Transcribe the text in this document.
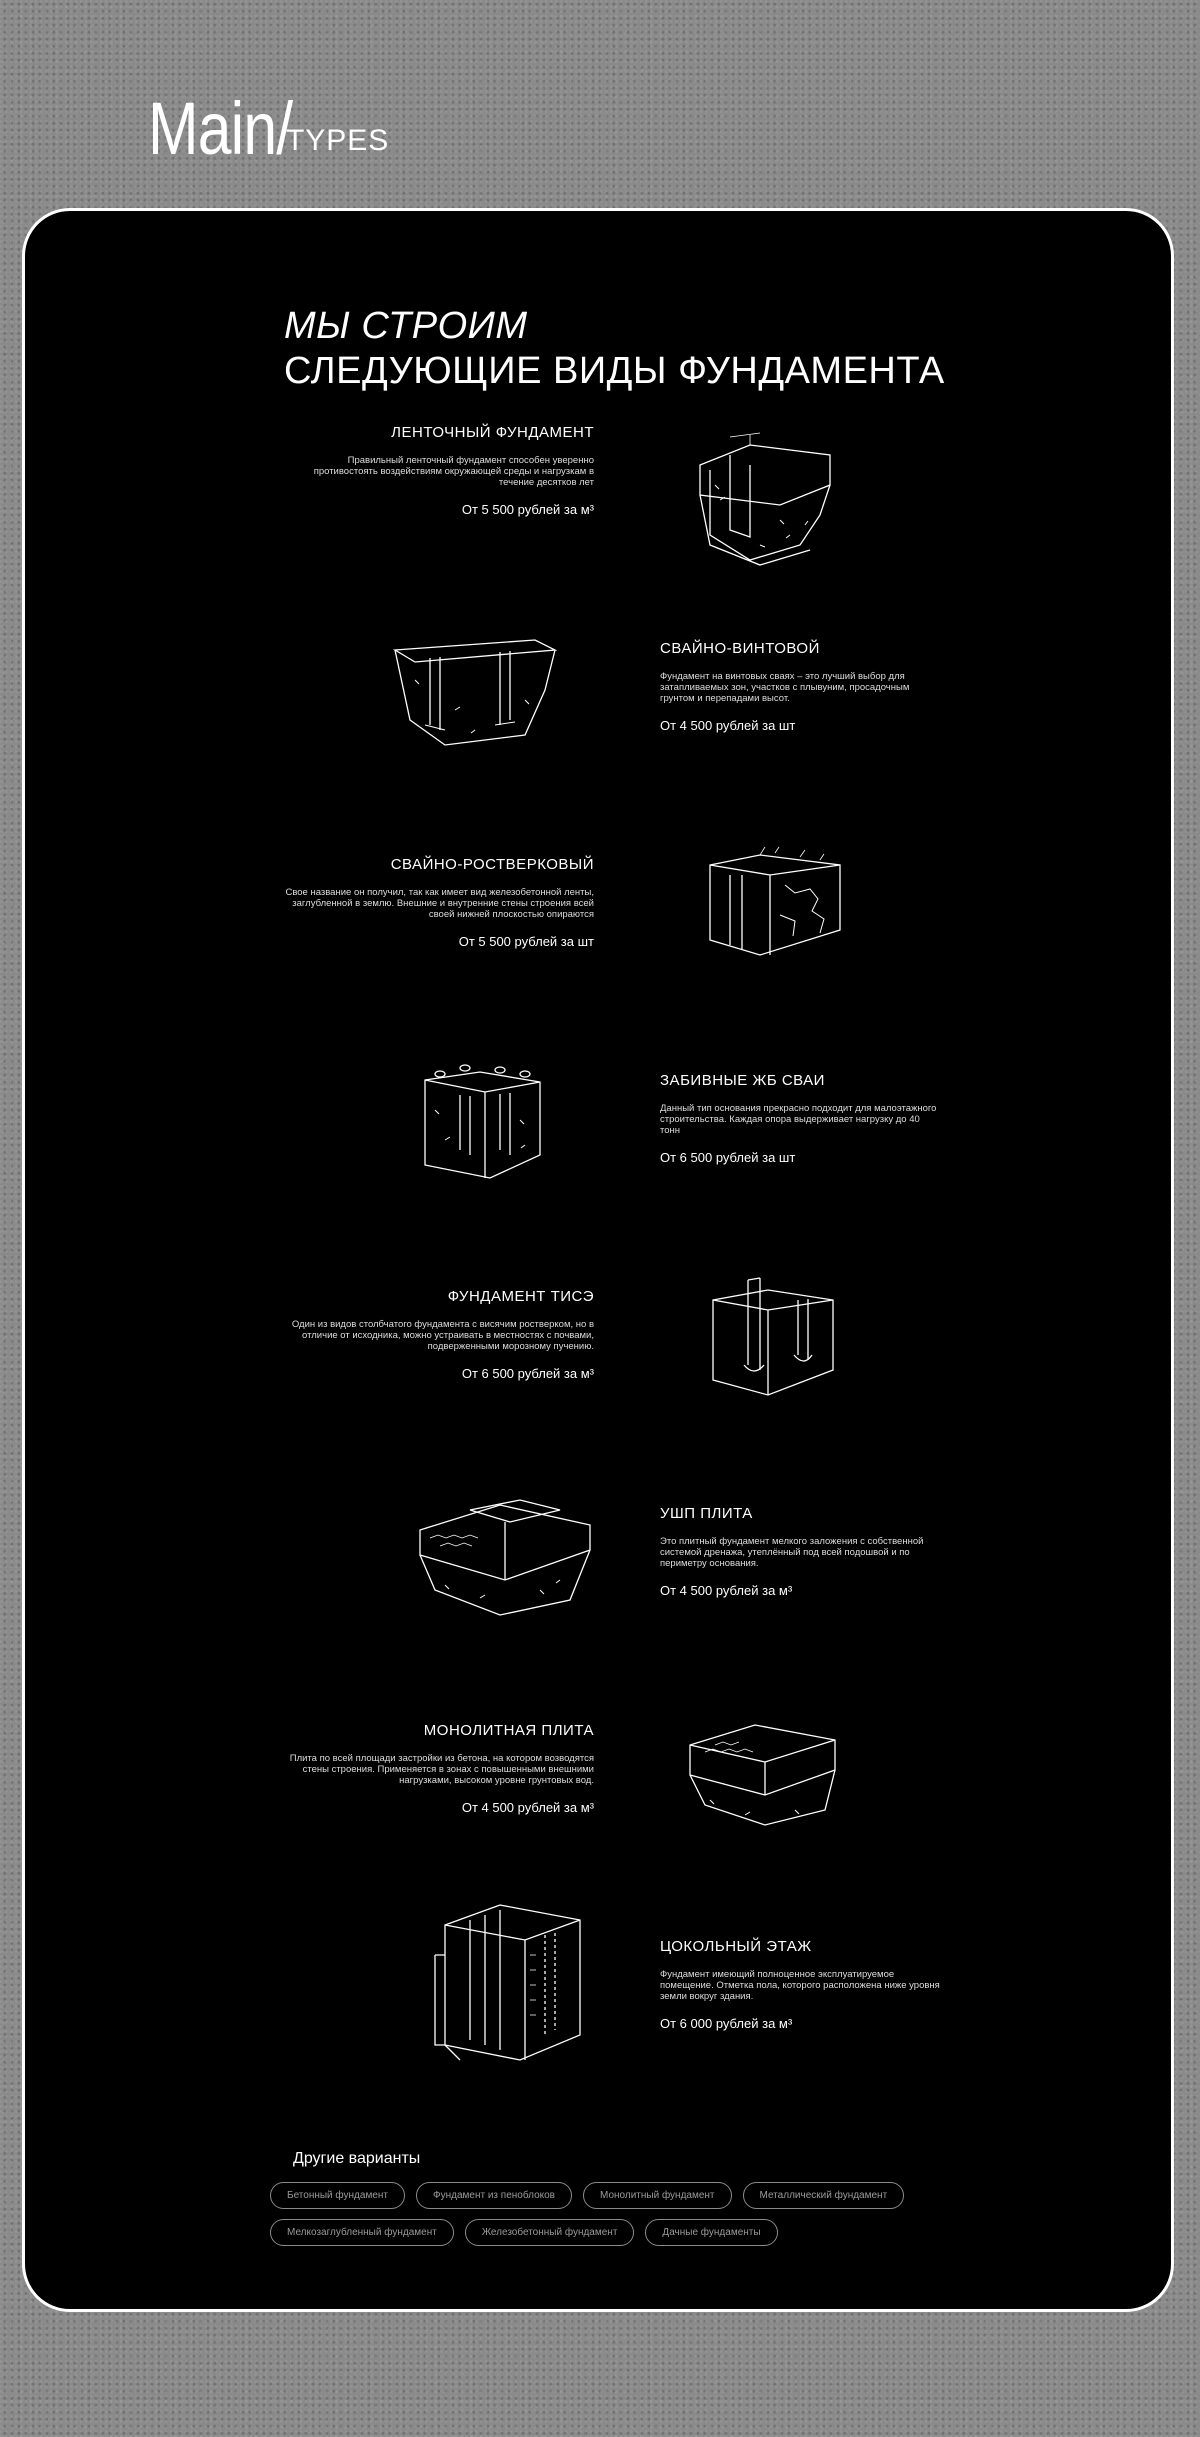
Main/
TYPES
МЫ СТРОИМ
СЛЕДУЮЩИЕ ВИДЫ ФУНДАМЕНТА
ЛЕНТОЧНЫЙ ФУНДАМЕНТ
Правильный ленточный фундамент способен уверенно противостоять воздействиям окружающей среды и нагрузкам в течение десятков лет
От 5 500 рублей за м³
СВАЙНО-ВИНТОВОЙ
Фундамент на винтовых сваях – это лучший выбор для затапливаемых зон, участков с плывуним, просадочным грунтом и перепадами высот.
От 4 500 рублей за шт
СВАЙНО-РОСТВЕРКОВЫЙ
Свое название он получил, так как имеет вид железобетонной ленты, заглубленной в землю. Внешние и внутренние стены строения всей своей нижней плоскостью опираются
От 5 500 рублей за шт
ЗАБИВНЫЕ ЖБ СВАИ
Данный тип основания прекрасно подходит для малоэтажного строительства. Каждая опора выдерживает нагрузку до 40 тонн
От 6 500 рублей за шт
ФУНДАМЕНТ ТИСЭ
Один из видов столбчатого фундамента с висячим ростверком, но в отличие от исходника, можно устраивать в местностях с почвами, подверженными морозному пучению.
От 6 500 рублей за м³
УШП ПЛИТА
Это плитный фундамент мелкого заложения с собственной системой дренажа, утеплённый под всей подошвой и по периметру основания.
От 4 500 рублей за м³
МОНОЛИТНАЯ ПЛИТА
Плита по всей площади застройки из бетона, на котором возводятся стены строения. Применяется в зонах с повышенными внешними нагрузками, высоком уровне грунтовых вод.
От 4 500 рублей за м³
ЦОКОЛЬНЫЙ ЭТАЖ
Фундамент имеющий полноценное эксплуатируемое помещение. Отметка пола, которого расположена ниже уровня земли вокруг здания.
От 6 000 рублей за м³
Другие варианты
Бетонный фундамент	Фундамент из пеноблоков	Монолитный фундамент	Металлический фундамент
Мелкозаглубленный фундамент	Железобетонный фундамент	Дачные фундаменты
